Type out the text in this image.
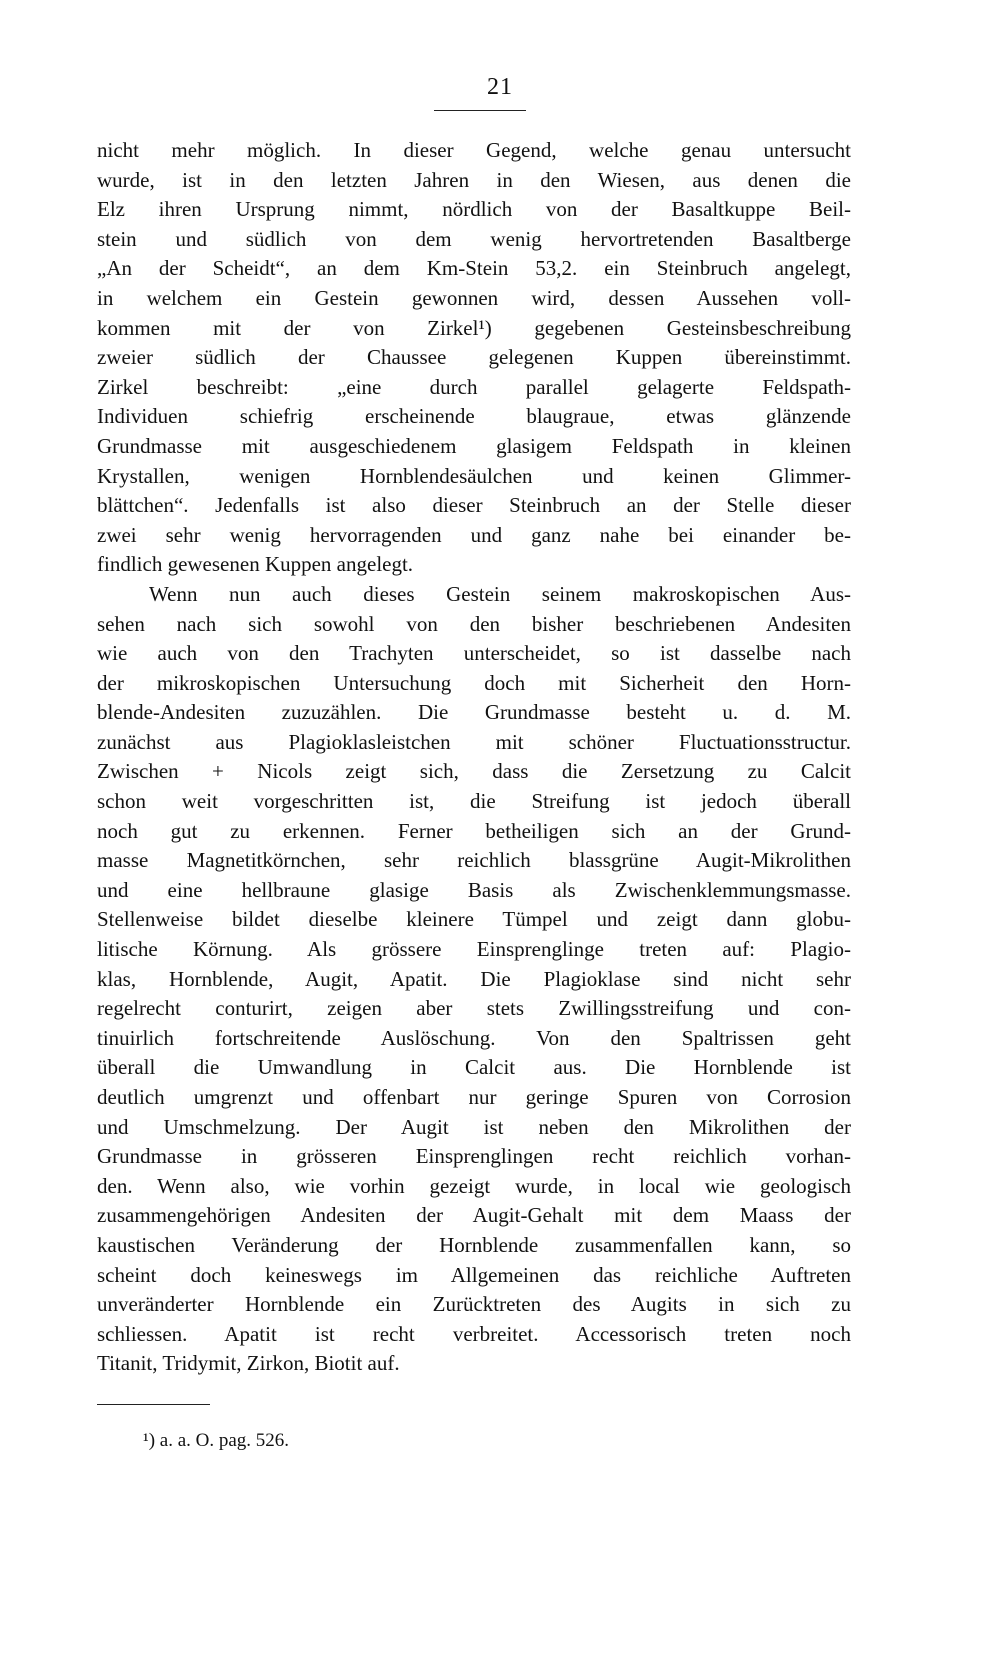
21
nicht mehr möglich. In dieser Gegend, welche genau untersucht
wurde, ist in den letzten Jahren in den Wiesen, aus denen die
Elz ihren Ursprung nimmt, nördlich von der Basaltkuppe Beil-
stein und südlich von dem wenig hervortretenden Basaltberge
„An der Scheidt“, an dem Km-Stein 53,2. ein Steinbruch angelegt,
in welchem ein Gestein gewonnen wird, dessen Aussehen voll-
kommen mit der von Zirkel¹) gegebenen Gesteinsbeschreibung
zweier südlich der Chaussee gelegenen Kuppen übereinstimmt.
Zirkel beschreibt: „eine durch parallel gelagerte Feldspath-
Individuen schiefrig erscheinende blaugraue, etwas glänzende
Grundmasse mit ausgeschiedenem glasigem Feldspath in kleinen
Krystallen, wenigen Hornblendesäulchen und keinen Glimmer-
blättchen“. Jedenfalls ist also dieser Steinbruch an der Stelle dieser
zwei sehr wenig hervorragenden und ganz nahe bei einander be-
findlich gewesenen Kuppen angelegt.
Wenn nun auch dieses Gestein seinem makroskopischen Aus-
sehen nach sich sowohl von den bisher beschriebenen Andesiten
wie auch von den Trachyten unterscheidet, so ist dasselbe nach
der mikroskopischen Untersuchung doch mit Sicherheit den Horn-
blende-Andesiten zuzuzählen. Die Grundmasse besteht u. d. M.
zunächst aus Plagioklasleistchen mit schöner Fluctuationsstructur.
Zwischen + Nicols zeigt sich, dass die Zersetzung zu Calcit
schon weit vorgeschritten ist, die Streifung ist jedoch überall
noch gut zu erkennen. Ferner betheiligen sich an der Grund-
masse Magnetitkörnchen, sehr reichlich blassgrüne Augit-Mikrolithen
und eine hellbraune glasige Basis als Zwischenklemmungsmasse.
Stellenweise bildet dieselbe kleinere Tümpel und zeigt dann globu-
litische Körnung. Als grössere Einsprenglinge treten auf: Plagio-
klas, Hornblende, Augit, Apatit. Die Plagioklase sind nicht sehr
regelrecht conturirt, zeigen aber stets Zwillingsstreifung und con-
tinuirlich fortschreitende Auslöschung. Von den Spaltrissen geht
überall die Umwandlung in Calcit aus. Die Hornblende ist
deutlich umgrenzt und offenbart nur geringe Spuren von Corrosion
und Umschmelzung. Der Augit ist neben den Mikrolithen der
Grundmasse in grösseren Einsprenglingen recht reichlich vorhan-
den. Wenn also, wie vorhin gezeigt wurde, in local wie geologisch
zusammengehörigen Andesiten der Augit-Gehalt mit dem Maass der
kaustischen Veränderung der Hornblende zusammenfallen kann, so
scheint doch keineswegs im Allgemeinen das reichliche Auftreten
unveränderter Hornblende ein Zurücktreten des Augits in sich zu
schliessen. Apatit ist recht verbreitet. Accessorisch treten noch
Titanit, Tridymit, Zirkon, Biotit auf.
¹) a. a. O. pag. 526.
